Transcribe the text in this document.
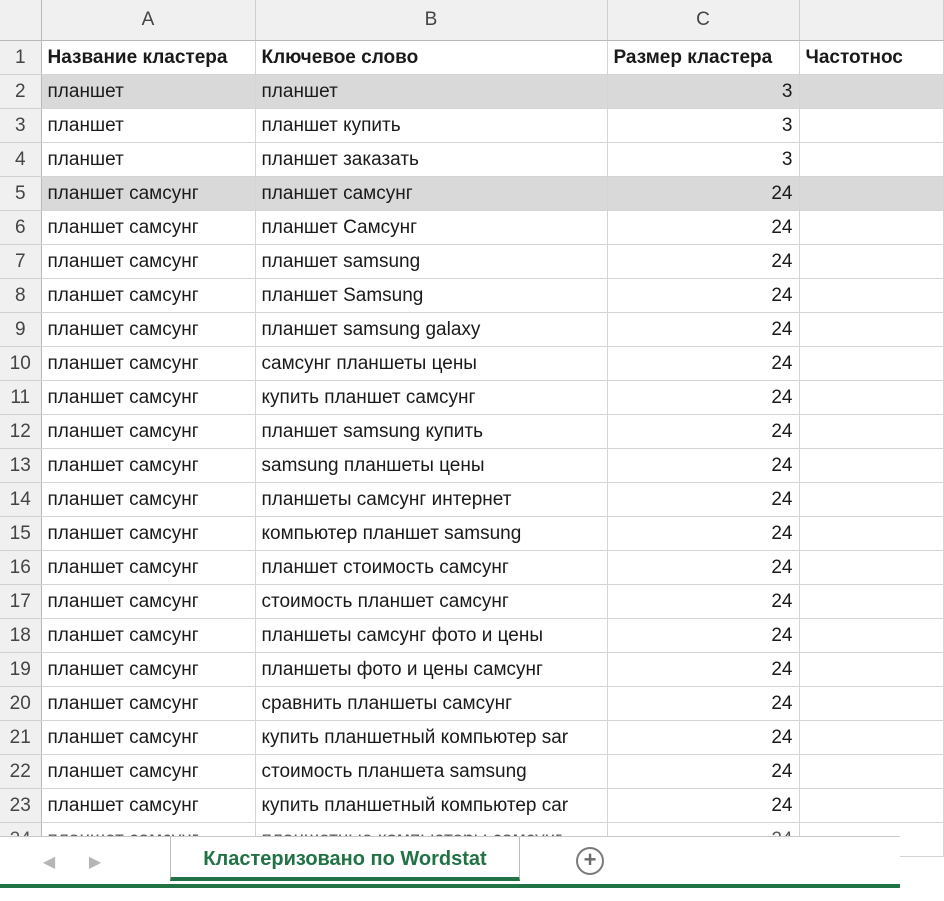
	A	B	C	
1	Название кластера	Ключевое слово	Размер кластера	Частотнос
2	планшет	планшет	3	
3	планшет	планшет купить	3	
4	планшет	планшет заказать	3	
5	планшет самсунг	планшет самсунг	24	
6	планшет самсунг	планшет Самсунг	24	
7	планшет самсунг	планшет samsung	24	
8	планшет самсунг	планшет Samsung	24	
9	планшет самсунг	планшет samsung galaxy	24	
10	планшет самсунг	самсунг планшеты цены	24	
11	планшет самсунг	купить планшет самсунг	24	
12	планшет самсунг	планшет samsung купить	24	
13	планшет самсунг	samsung планшеты цены	24	
14	планшет самсунг	планшеты самсунг интернет	24	
15	планшет самсунг	компьютер планшет samsung	24	
16	планшет самсунг	планшет стоимость самсунг	24	
17	планшет самсунг	стоимость планшет самсунг	24	
18	планшет самсунг	планшеты самсунг фото и цены	24	
19	планшет самсунг	планшеты фото и цены самсунг	24	
20	планшет самсунг	сравнить планшеты самсунг	24	
21	планшет самсунг	купить планшетный компьютер sar	24	
22	планшет самсунг	стоимость планшета samsung	24	
23	планшет самсунг	купить планшетный компьютер car	24	

◀ ▶	Кластеризовано по Wordstat	+
